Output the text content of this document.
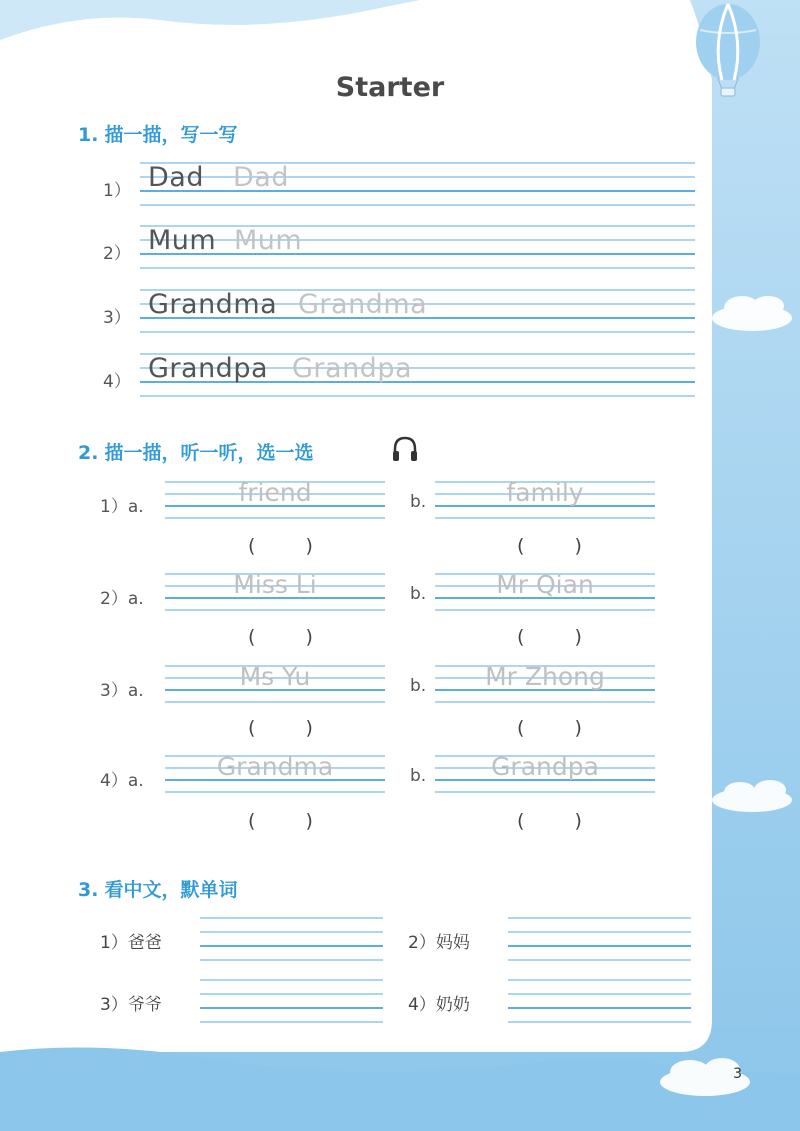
Starter
1. 描一描，写一写
1） Dad Dad
2） Mum Mum
3） Grandma Grandma
4） Grandpa Grandpa
2. 描一描，听一听，选一选
1）a.	friend	b.	family
( )	( )
2）a.	Miss Li	b.	Mr Qian
( )	( )
3）a.	Ms Yu	b.	Mr Zhong
( )	( )
4）a.	Grandma	b.	Grandpa
( )	( )
3. 看中文，默单词
1）爸爸	2）妈妈
3）爷爷	4）奶奶
3
